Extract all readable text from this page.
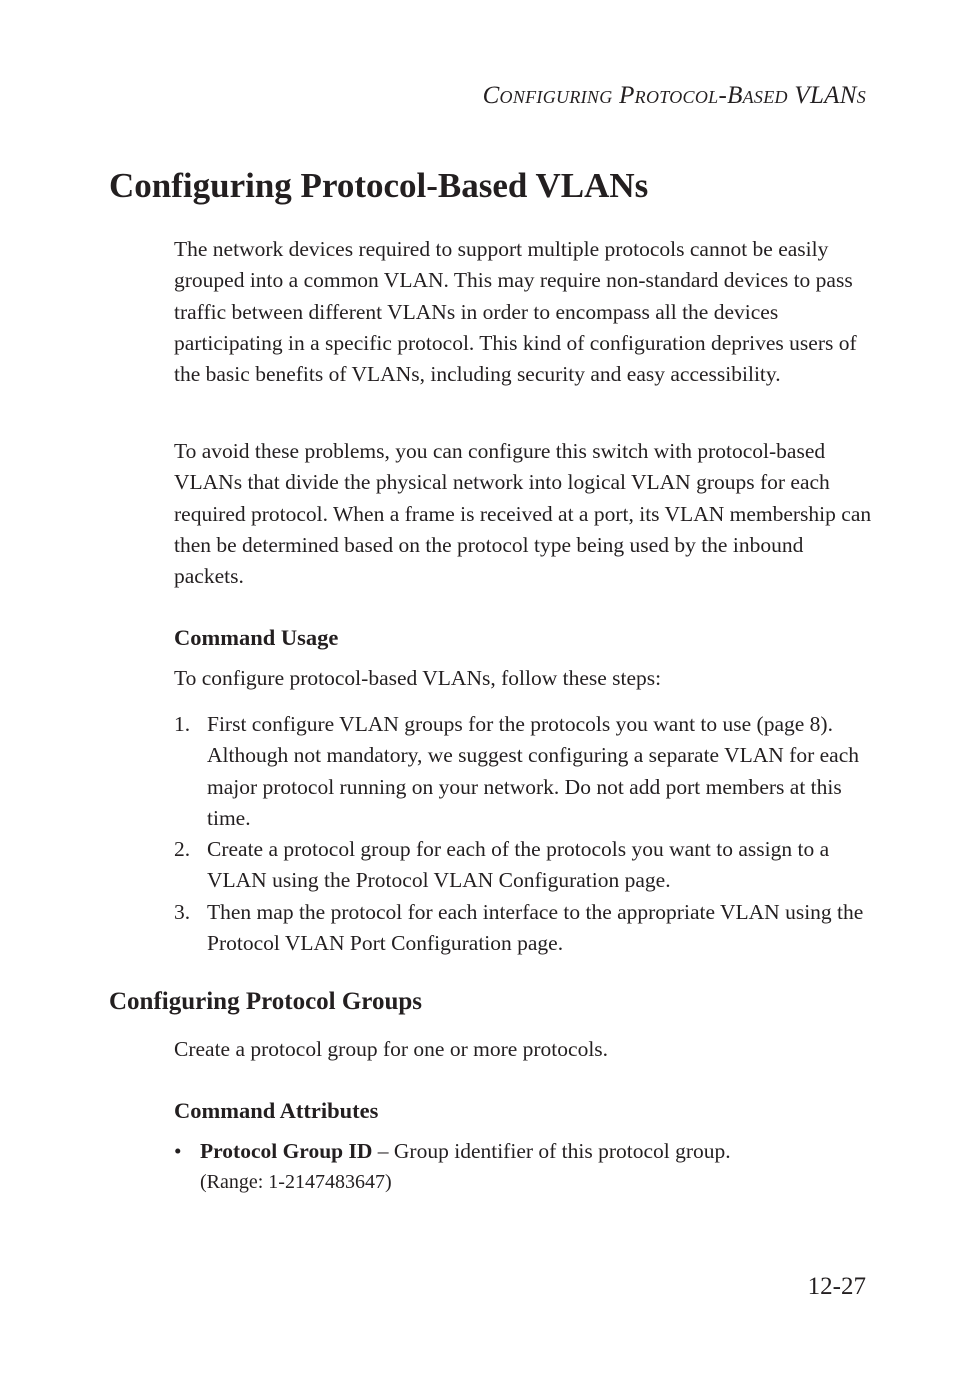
Configuring Protocol-Based VLANs
Configuring Protocol-Based VLANs
The network devices required to support multiple protocols cannot be easily grouped into a common VLAN. This may require non-standard devices to pass traffic between different VLANs in order to encompass all the devices participating in a specific protocol. This kind of configuration deprives users of the basic benefits of VLANs, including security and easy accessibility.
To avoid these problems, you can configure this switch with protocol-based VLANs that divide the physical network into logical VLAN groups for each required protocol. When a frame is received at a port, its VLAN membership can then be determined based on the protocol type being used by the inbound packets.
Command Usage
To configure protocol-based VLANs, follow these steps:
1. First configure VLAN groups for the protocols you want to use (page 8). Although not mandatory, we suggest configuring a separate VLAN for each major protocol running on your network. Do not add port members at this time.
2. Create a protocol group for each of the protocols you want to assign to a VLAN using the Protocol VLAN Configuration page.
3. Then map the protocol for each interface to the appropriate VLAN using the Protocol VLAN Port Configuration page.
Configuring Protocol Groups
Create a protocol group for one or more protocols.
Command Attributes
• Protocol Group ID – Group identifier of this protocol group.
(Range: 1-2147483647)
12-27
